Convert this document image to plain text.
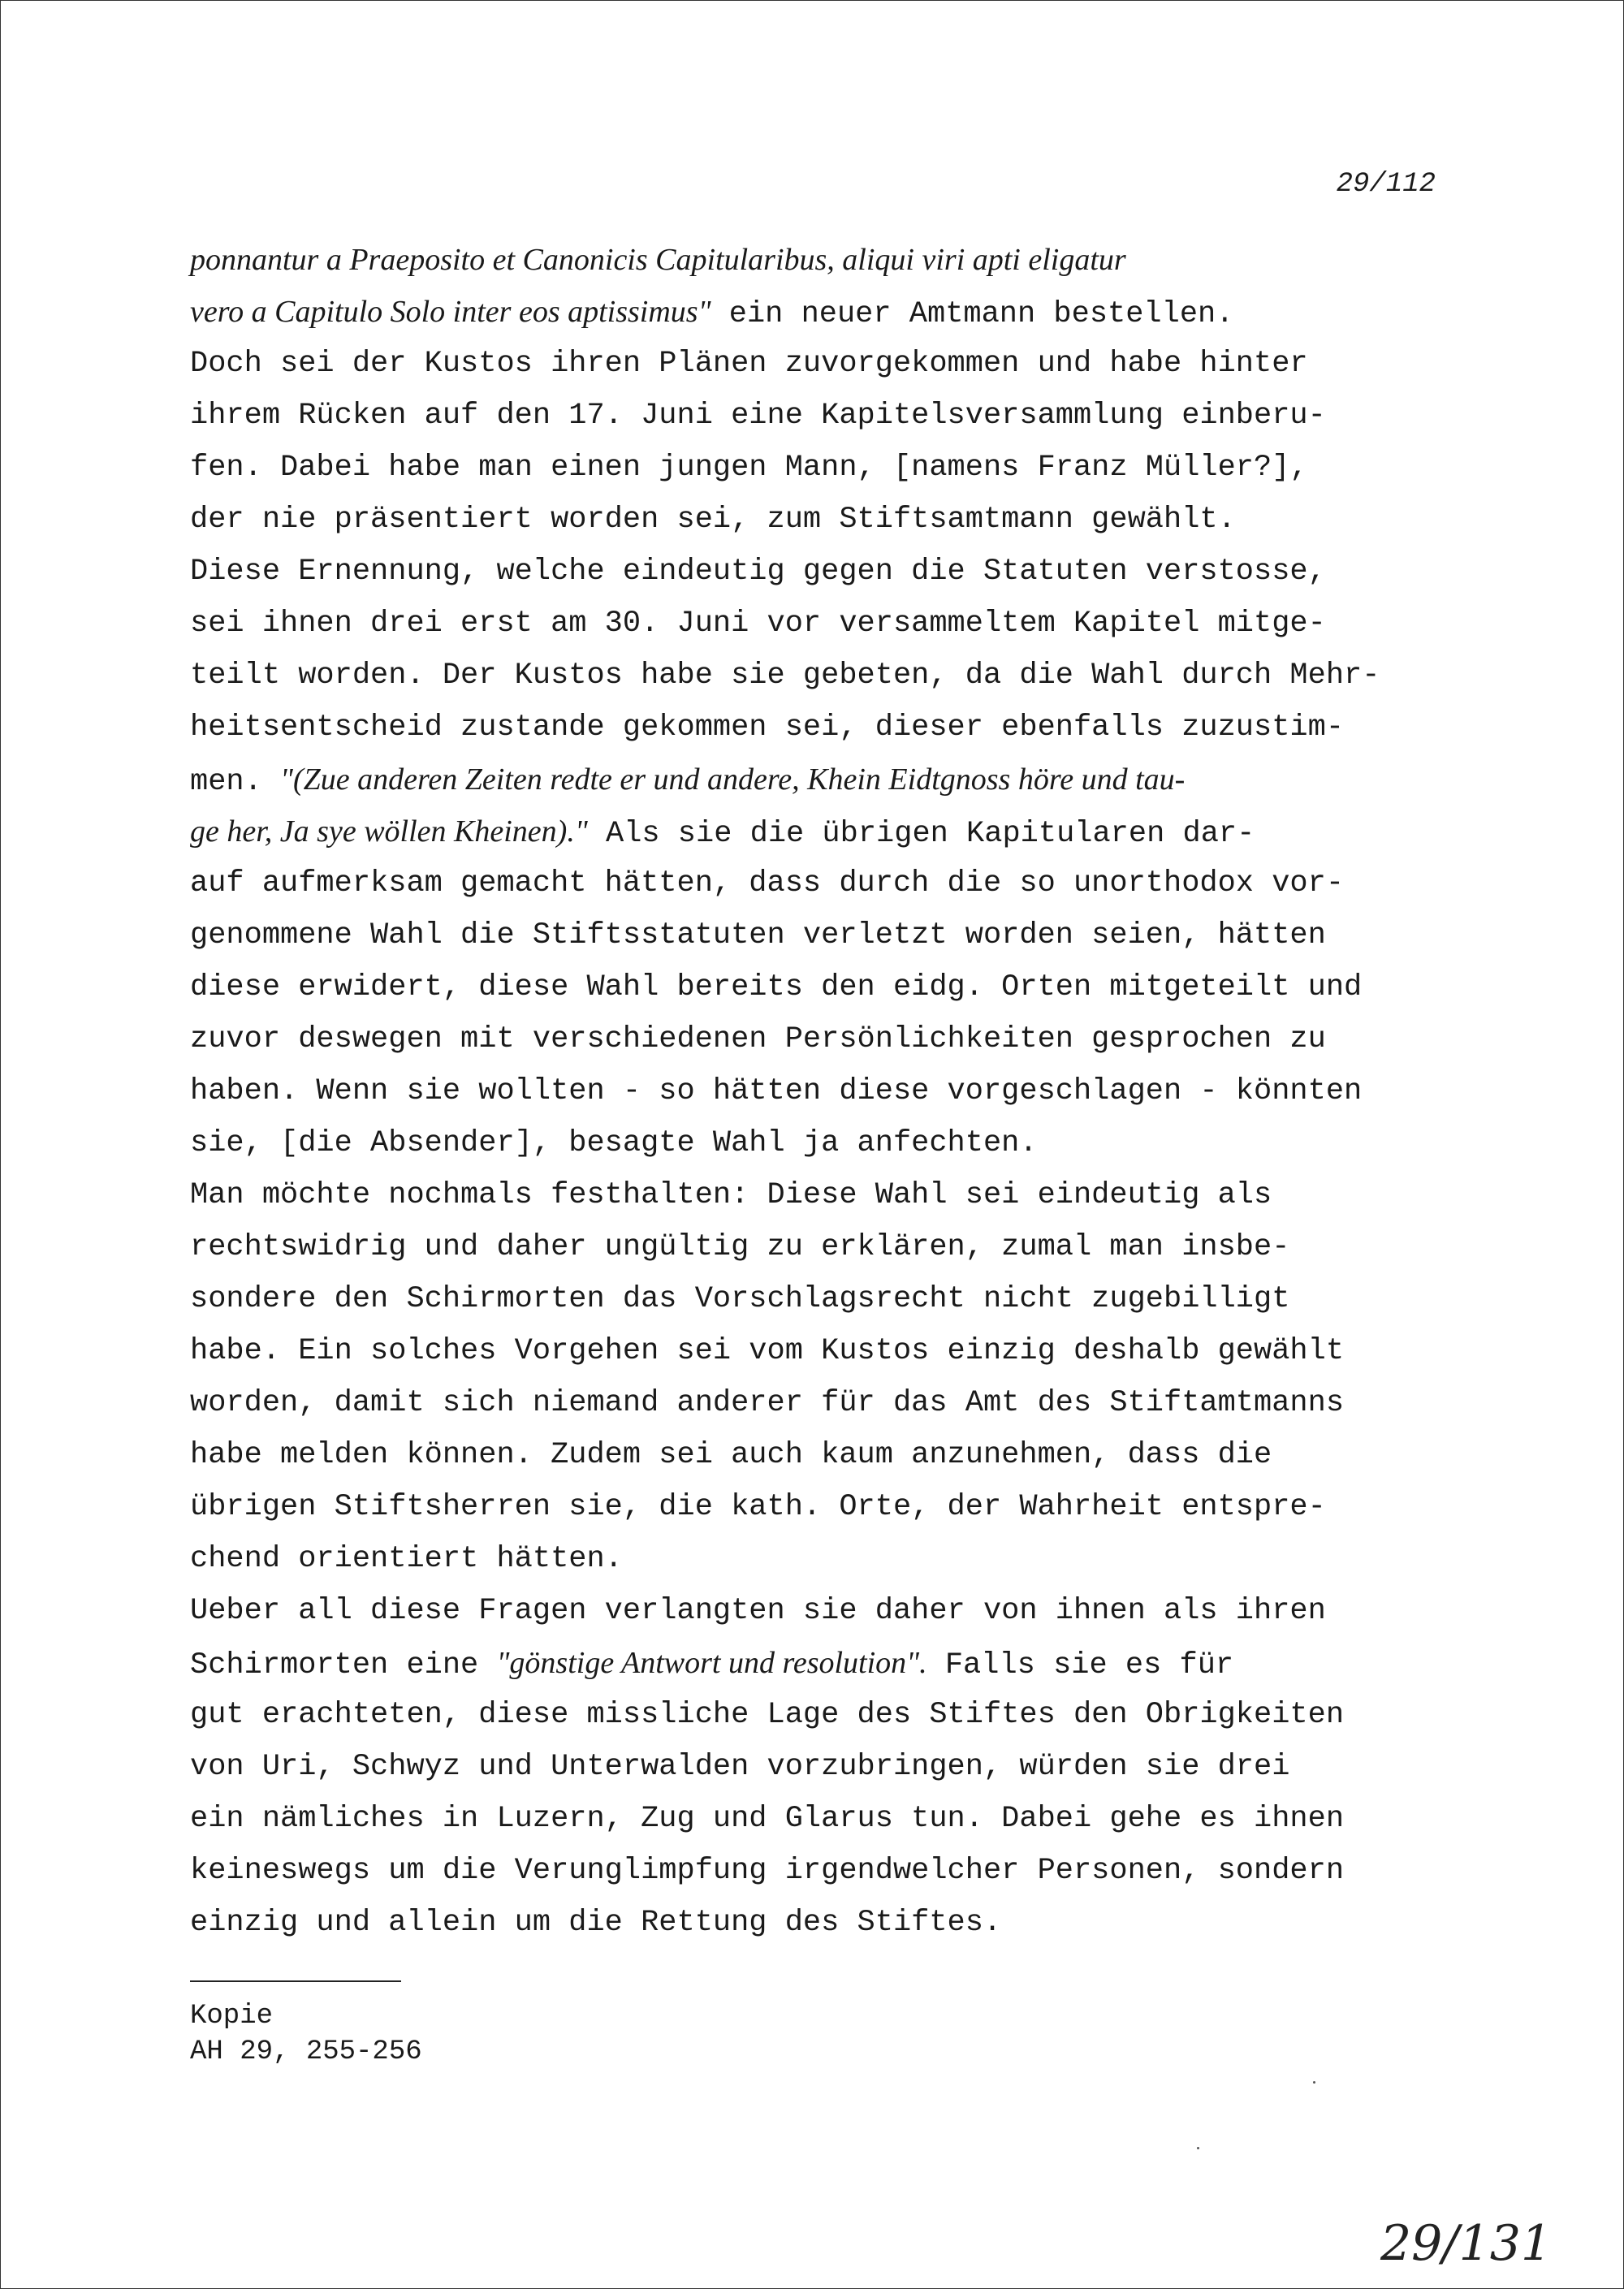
29/112
ponnantur a Praeposito et Canonicis Capitularibus, aliqui viri apti eligatur
vero a Capitulo Solo inter eos aptissimus" ein neuer Amtmann bestellen.
Doch sei der Kustos ihren Plänen zuvorgekommen und habe hinter
ihrem Rücken auf den 17. Juni eine Kapitelsversammlung einberu-
fen. Dabei habe man einen jungen Mann, [namens Franz Müller?],
der nie präsentiert worden sei, zum Stiftsamtmann gewählt.
Diese Ernennung, welche eindeutig gegen die Statuten verstosse,
sei ihnen drei erst am 30. Juni vor versammeltem Kapitel mitge-
teilt worden. Der Kustos habe sie gebeten, da die Wahl durch Mehr-
heitsentscheid zustande gekommen sei, dieser ebenfalls zuzustim-
men. "(Zue anderen Zeiten redte er und andere, Khein Eidtgnoss höre und tau-
ge her, Ja sye wöllen Kheinen)." Als sie die übrigen Kapitularen dar-
auf aufmerksam gemacht hätten, dass durch die so unorthodox vor-
genommene Wahl die Stiftsstatuten verletzt worden seien, hätten
diese erwidert, diese Wahl bereits den eidg. Orten mitgeteilt und
zuvor deswegen mit verschiedenen Persönlichkeiten gesprochen zu
haben. Wenn sie wollten - so hätten diese vorgeschlagen - könnten
sie, [die Absender], besagte Wahl ja anfechten.
Man möchte nochmals festhalten: Diese Wahl sei eindeutig als
rechtswidrig und daher ungültig zu erklären, zumal man insbe-
sondere den Schirmorten das Vorschlagsrecht nicht zugebilligt
habe. Ein solches Vorgehen sei vom Kustos einzig deshalb gewählt
worden, damit sich niemand anderer für das Amt des Stiftamtmanns
habe melden können. Zudem sei auch kaum anzunehmen, dass die
übrigen Stiftsherren sie, die kath. Orte, der Wahrheit entspre-
chend orientiert hätten.
Ueber all diese Fragen verlangten sie daher von ihnen als ihren
Schirmorten eine "gönstige Antwort und resolution". Falls sie es für
gut erachteten, diese missliche Lage des Stiftes den Obrigkeiten
von Uri, Schwyz und Unterwalden vorzubringen, würden sie drei
ein nämliches in Luzern, Zug und Glarus tun. Dabei gehe es ihnen
keineswegs um die Verunglimpfung irgendwelcher Personen, sondern
einzig und allein um die Rettung des Stiftes.
Kopie
AH 29, 255-256
29/131
